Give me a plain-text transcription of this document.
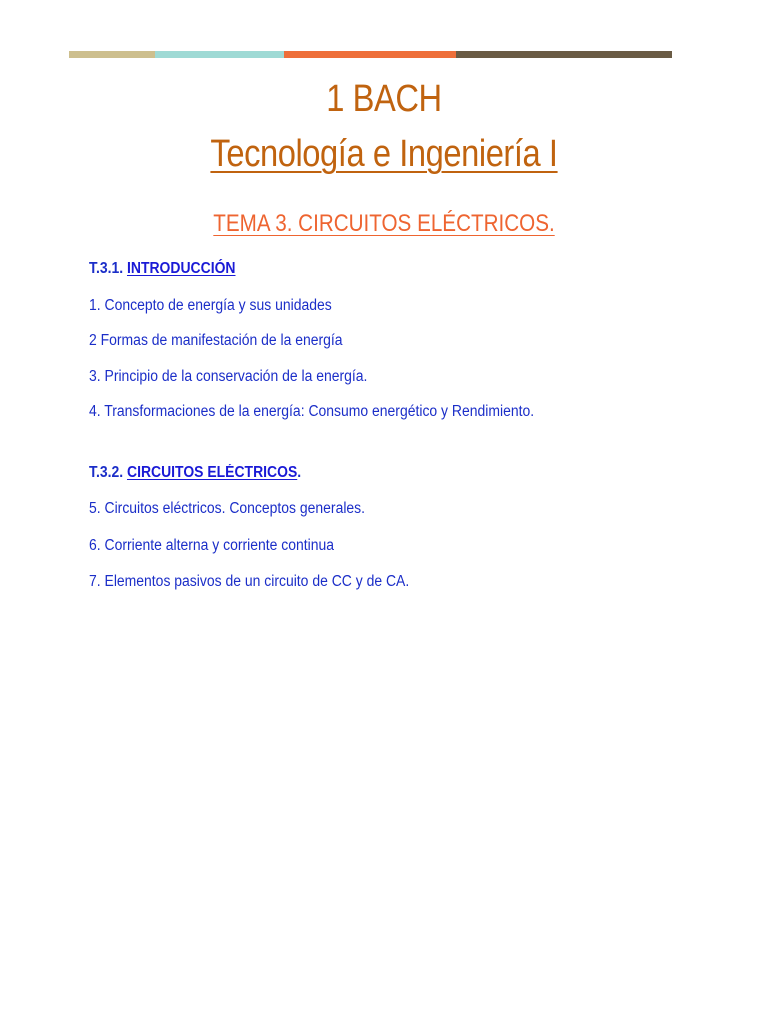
1 BACH
Tecnología e Ingeniería I
TEMA 3. CIRCUITOS ELÉCTRICOS.
T.3.1. INTRODUCCIÓN
1. Concepto de energía y sus unidades
2 Formas de manifestación de la energía
3. Principio de la conservación de la energía.
4. Transformaciones de la energía: Consumo energético y Rendimiento.
T.3.2. CIRCUITOS ELÉCTRICOS.
5. Circuitos eléctricos. Conceptos generales.
6. Corriente alterna y corriente continua
7. Elementos pasivos de un circuito de CC y de CA.
